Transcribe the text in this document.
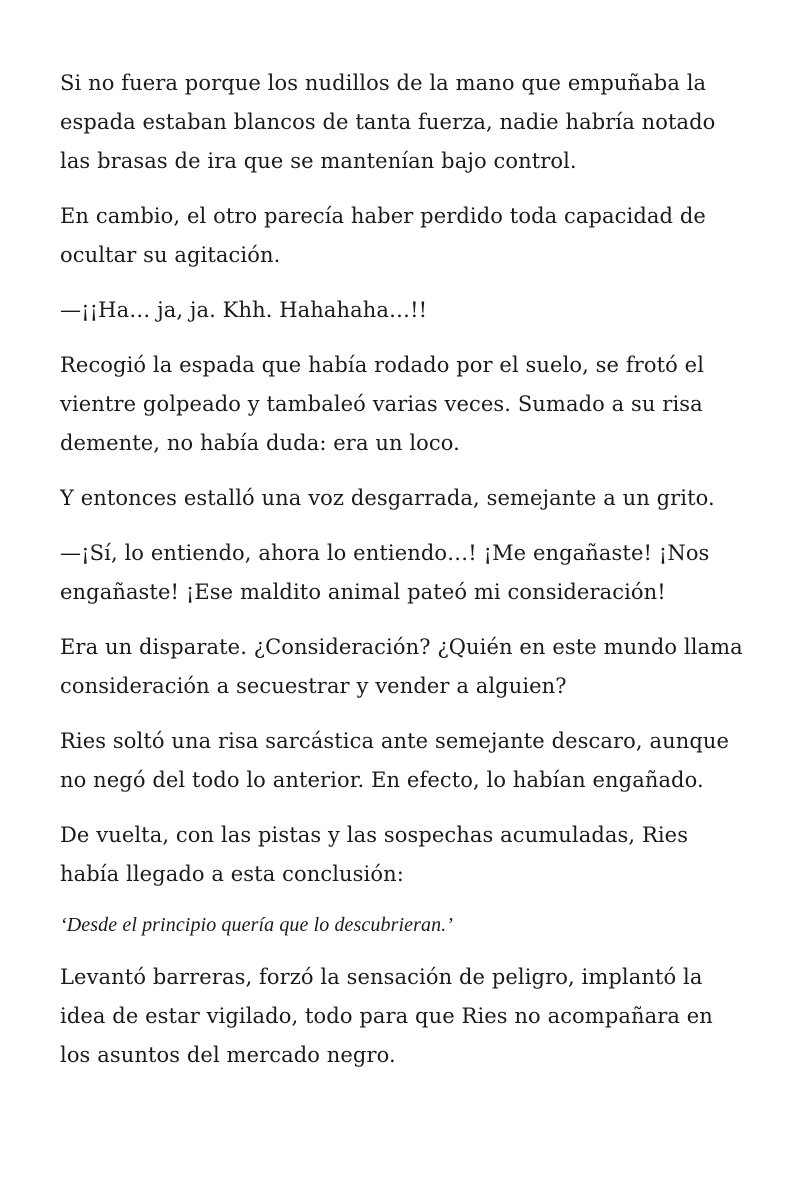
Si no fuera porque los nudillos de la mano que empuñaba la espada estaban blancos de tanta fuerza, nadie habría notado las brasas de ira que se mantenían bajo control.

En cambio, el otro parecía haber perdido toda capacidad de ocultar su agitación.

—¡¡Ha… ja, ja. Khh. Hahahaha…!!

Recogió la espada que había rodado por el suelo, se frotó el vientre golpeado y tambaleó varias veces. Sumado a su risa demente, no había duda: era un loco.

Y entonces estalló una voz desgarrada, semejante a un grito.

—¡Sí, lo entiendo, ahora lo entiendo…! ¡Me engañaste! ¡Nos engañaste! ¡Ese maldito animal pateó mi consideración!

Era un disparate. ¿Consideración? ¿Quién en este mundo llama consideración a secuestrar y vender a alguien?

Ries soltó una risa sarcástica ante semejante descaro, aunque no negó del todo lo anterior. En efecto, lo habían engañado.

De vuelta, con las pistas y las sospechas acumuladas, Ries había llegado a esta conclusión:

‘Desde el principio quería que lo descubrieran.’

Levantó barreras, forzó la sensación de peligro, implantó la idea de estar vigilado, todo para que Ries no acompañara en los asuntos del mercado negro.
